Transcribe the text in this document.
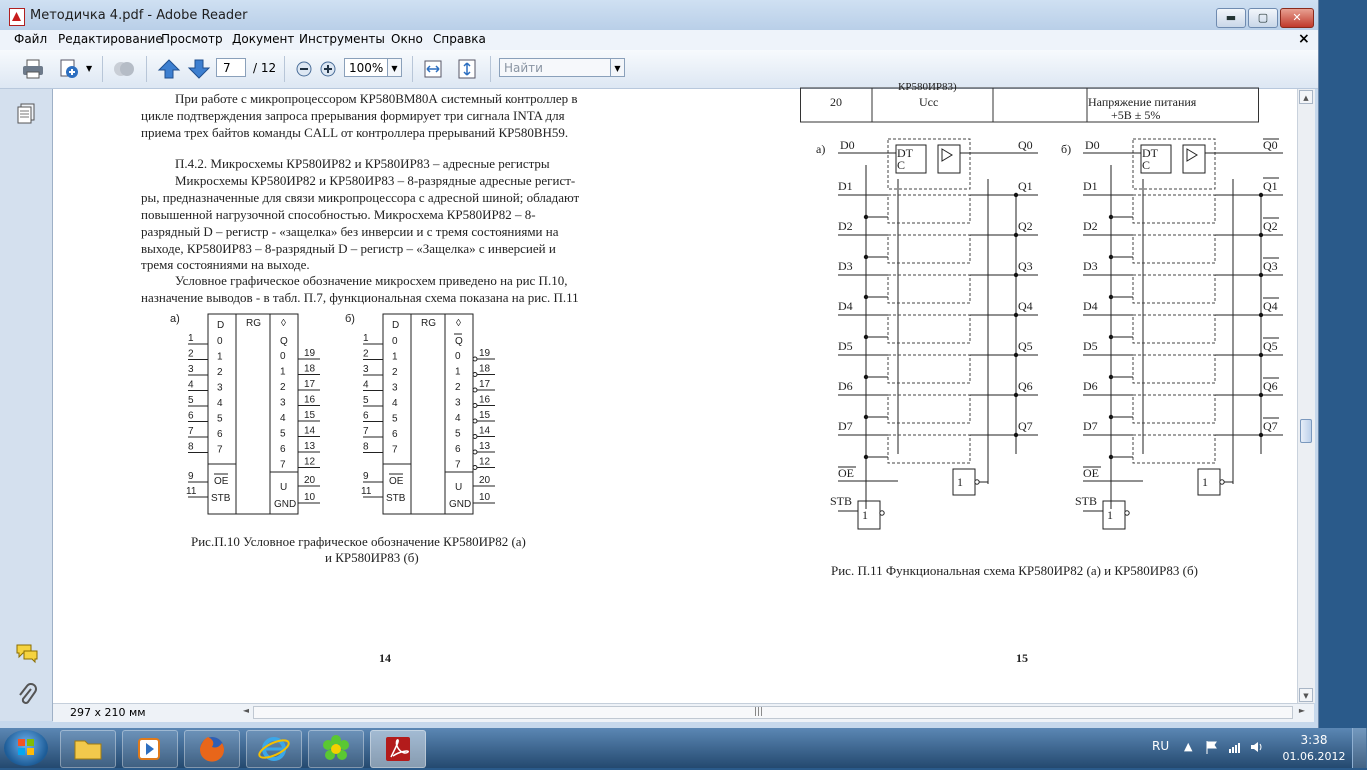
Методичка 4.pdf - Adobe Reader	▬	▢	✕
Файл Редактирование
Просмотр Документ Инструменты Окно Справка	×
▼	7	/ 12	100%	▼	Найти	▼
При работе с микропроцессором КР580ВМ80А системный контроллер в
цикле подтверждения запроса прерывания формирует три сигнала INTA для
приема трех байтов команды CALL от контроллера прерываний КР580ВН59.
П.4.2. Микросхемы КР580ИР82 и КР580ИР83 – адресные регистры
Микросхемы КР580ИР82 и КР580ИР83 – 8-разрядные адресные регист-
ры, предназначенные для связи микропроцессора с адресной шиной; обладают
повышенной нагрузочной способностью. Микросхема КР580ИР82 – 8-
разрядный D – регистр - «защелка» без инверсии и с тремя состояниями на
выходе, КР580ИР83 – 8-разрядный D – регистр – «Защелка» с инверсией и
тремя состояниями на выходе.
Условное графическое обозначение микросхем приведено на рис П.10,
назначение выводов - в табл. П.7, функциональная схема показана на рис. П.11
а)
D RG ◊
Q
0
1
0 19
1
2
1 18
2
3
2 17
3
4
3 16
4
5
4 15
5
6
5 14
6
7
6 13
7
8
7 12
9 OE
11
STB
U
GND
20
10
б)
D RG ◊
Q
0
1
0 19
1
2
1 18
2
3
2 17
3
4
3 16
4
5
4 15
5
6
5 14
6
7
6 13
7
8
7 12
9 OE
11
STB
U
GND
20
10
Рис.П.10 Условное графическое обозначение КР580ИР82 (а)
и КР580ИР83 (б)
14
КР580ИР83)
20	Ucc	Напряжение питания
+5В ± 5%
а)	DT
C
D0	Q0
D1	Q1
D2	Q2
D3	Q3
D4	Q4
D5	Q5
D6	Q6
D7	Q7
OE
1
STB
1
б)	DT
C
D0	Q0
D1	Q1
D2	Q2
D3	Q3
D4	Q4
D5	Q5
D6	Q6
D7	Q7
OE
1
STB
1
Рис. П.11 Функциональная схема КР580ИР82 (а) и КР580ИР83 (б)
15
▲
▼
297 x 210 мм	◄	|||	►
RU ▲	3:38
01.06.2012
